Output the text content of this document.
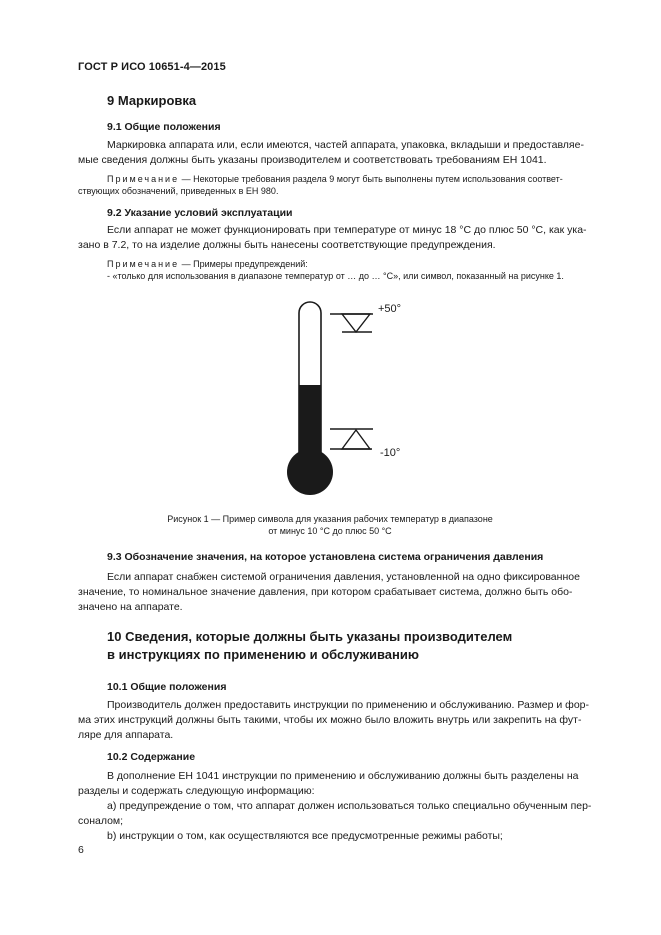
ГОСТ Р ИСО 10651-4—2015
9 Маркировка
9.1 Общие положения
Маркировка аппарата или, если имеются, частей аппарата, упаковка, вкладыши и предоставляе-
мые сведения должны быть указаны производителем и соответствовать требованиям ЕН 1041.
Примечание — Некоторые требования раздела 9 могут быть выполнены путем использования соответ-
ствующих обозначений, приведенных в ЕН 980.
9.2 Указание условий эксплуатации
Если аппарат не может функционировать при температуре от минус 18 °С до плюс 50 °С, как ука-
зано в 7.2, то на изделие должны быть нанесены соответствующие предупреждения.
Примечание — Примеры предупреждений:
- «только для использования в диапазоне температур от … до … °С», или символ, показанный на рисунке 1.
+50°
-10°
Рисунок 1 — Пример символа для указания рабочих температур в диапазоне
от минус 10 °С до плюс 50 °С
9.3 Обозначение значения, на которое установлена система ограничения давления
Если аппарат снабжен системой ограничения давления, установленной на одно фиксированное
значение, то номинальное значение давления, при котором срабатывает система, должно быть обо-
значено на аппарате.
10 Сведения, которые должны быть указаны производителем
в инструкциях по применению и обслуживанию
10.1 Общие положения
Производитель должен предоставить инструкции по применению и обслуживанию. Размер и фор-
ма этих инструкций должны быть такими, чтобы их можно было вложить внутрь или закрепить на фут-
ляре для аппарата.
10.2 Содержание
В дополнение ЕН 1041 инструкции по применению и обслуживанию должны быть разделены на
разделы и содержать следующую информацию:
a) предупреждение о том, что аппарат должен использоваться только специально обученным пер-
соналом;
b) инструкции о том, как осуществляются все предусмотренные режимы работы;
6
